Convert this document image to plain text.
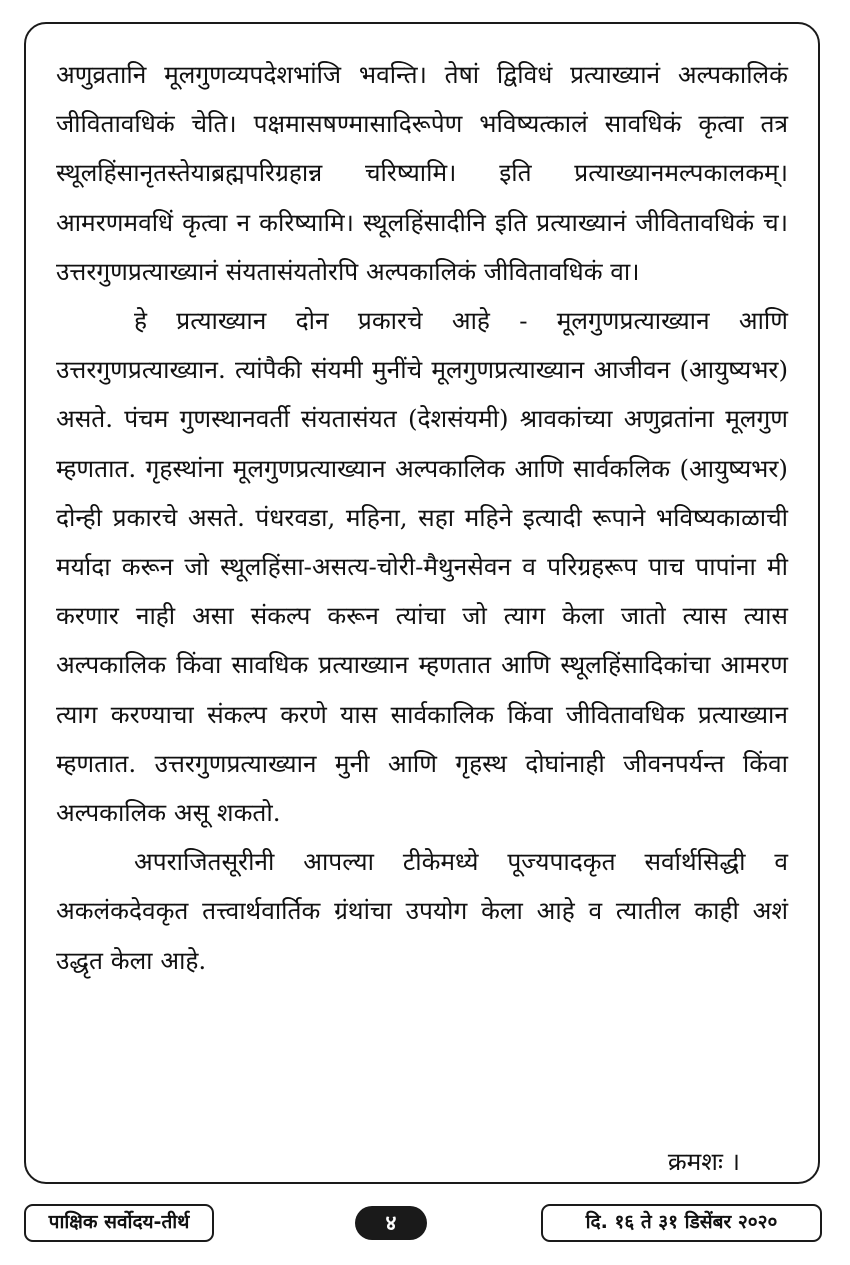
अणुव्रतानि मूलगुणव्यपदेशभांजि भवन्ति। तेषां द्विविधं प्रत्याख्यानं अल्पकालिकं जीवितावधिकं चेति। पक्षमासषण्मासादिरूपेण भविष्यत्कालं सावधिकं कृत्वा तत्र स्थूलहिंसानृतस्तेयाब्रह्मपरिग्रहान्न चरिष्यामि। इति प्रत्याख्यानमल्पकालकम्। आमरणमवधिं कृत्वा न करिष्यामि। स्थूलहिंसादीनि इति प्रत्याख्यानं जीवितावधिकं च। उत्तरगुणप्रत्याख्यानं संयतासंयतोरपि अल्पकालिकं जीवितावधिकं वा।

हे प्रत्याख्यान दोन प्रकारचे आहे - मूलगुणप्रत्याख्यान आणि उत्तरगुणप्रत्याख्यान. त्यांपैकी संयमी मुनींचे मूलगुणप्रत्याख्यान आजीवन (आयुष्यभर) असते. पंचम गुणस्थानवर्ती संयतासंयत (देशसंयमी) श्रावकांच्या अणुव्रतांना मूलगुण म्हणतात. गृहस्थांना मूलगुणप्रत्याख्यान अल्पकालिक आणि सार्वकलिक (आयुष्यभर) दोन्ही प्रकारचे असते. पंधरवडा, महिना, सहा महिने इत्यादी रूपाने भविष्यकाळाची मर्यादा करून जो स्थूलहिंसा-असत्य-चोरी-मैथुनसेवन व परिग्रहरूप पाच पापांना मी करणार नाही असा संकल्प करून त्यांचा जो त्याग केला जातो त्यास त्यास अल्पकालिक किंवा सावधिक प्रत्याख्यान म्हणतात आणि स्थूलहिंसादिकांचा आमरण त्याग करण्याचा संकल्प करणे यास सार्वकालिक किंवा जीवितावधिक प्रत्याख्यान म्हणतात. उत्तरगुणप्रत्याख्यान मुनी आणि गृहस्थ दोघांनाही जीवनपर्यन्त किंवा अल्पकालिक असू शकतो.

अपराजितसूरीनी आपल्या टीकेमध्ये पूज्यपादकृत सर्वार्थसिद्धी व अकलंकदेवकृत तत्त्वार्थवार्तिक ग्रंथांचा उपयोग केला आहे व त्यातील काही अशं उद्धृत केला आहे.

क्रमशः ।
पाक्षिक सर्वोदय-तीर्थ	४	दि. १६ ते ३१ डिसेंबर २०२०
